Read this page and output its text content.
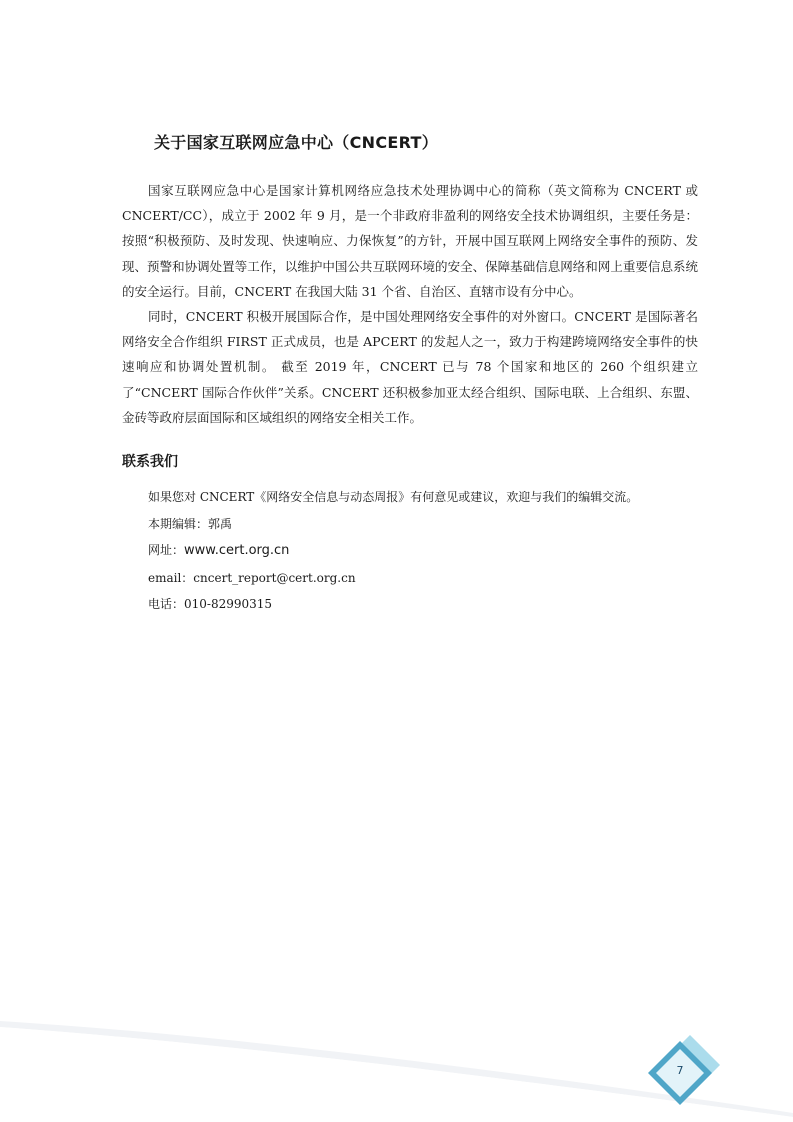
关于国家互联网应急中心（CNCERT）

国家互联网应急中心是国家计算机网络应急技术处理协调中心的简称（英文简称为 CNCERT 或 CNCERT/CC），成立于 2002 年 9 月，是一个非政府非盈利的网络安全技术协调组织，主要任务是：按照“积极预防、及时发现、快速响应、力保恢复”的方针，开展中国互联网上网络安全事件的预防、发现、预警和协调处置等工作，以维护中国公共互联网环境的安全、保障基础信息网络和网上重要信息系统的安全运行。目前，CNCERT 在我国大陆 31 个省、自治区、直辖市设有分中心。

同时，CNCERT 积极开展国际合作，是中国处理网络安全事件的对外窗口。CNCERT 是国际著名网络安全合作组织 FIRST 正式成员，也是 APCERT 的发起人之一，致力于构建跨境网络安全事件的快速响应和协调处置机制。 截至 2019 年，CNCERT 已与 78 个国家和地区的 260 个组织建立了“CNCERT 国际合作伙伴”关系。CNCERT 还积极参加亚太经合组织、国际电联、上合组织、东盟、金砖等政府层面国际和区域组织的网络安全相关工作。

联系我们
如果您对 CNCERT《网络安全信息与动态周报》有何意见或建议，欢迎与我们的编辑交流。
本期编辑：郭禹
网址：www.cert.org.cn
email：cncert_report@cert.org.cn
电话：010-82990315
7
